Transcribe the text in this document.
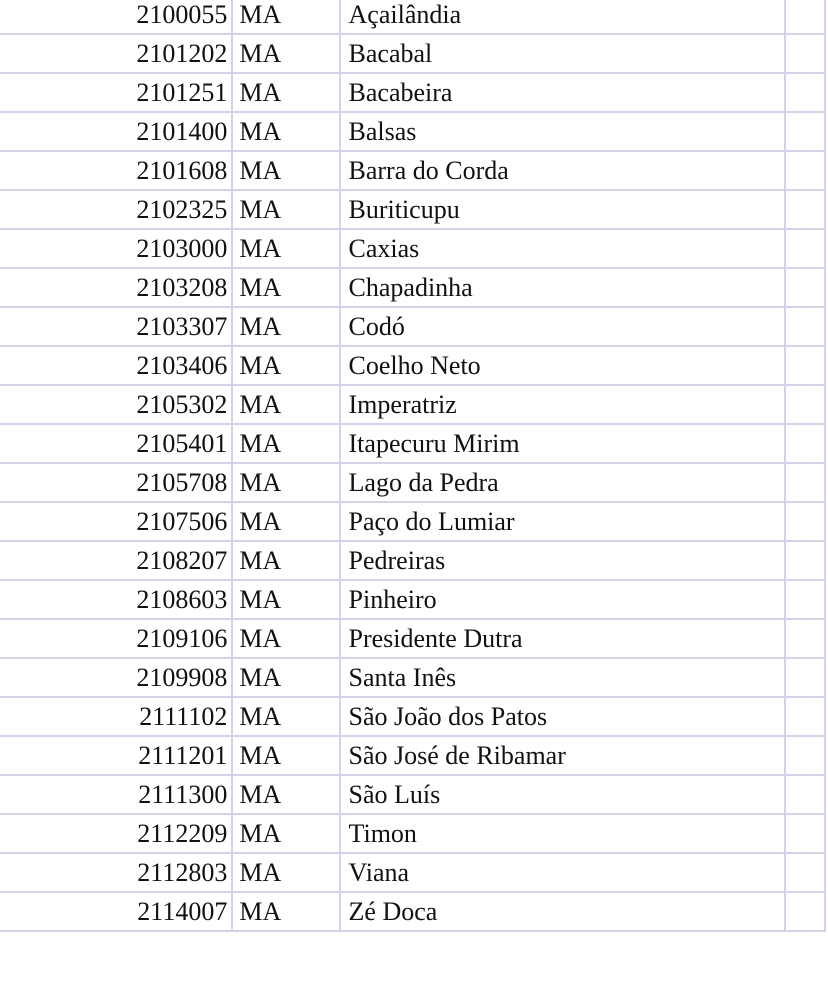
2100055	MA	Açailândia	
2101202	MA	Bacabal	
2101251	MA	Bacabeira	
2101400	MA	Balsas	
2101608	MA	Barra do Corda	
2102325	MA	Buriticupu	
2103000	MA	Caxias	
2103208	MA	Chapadinha	
2103307	MA	Codó	
2103406	MA	Coelho Neto	
2105302	MA	Imperatriz	
2105401	MA	Itapecuru Mirim	
2105708	MA	Lago da Pedra	
2107506	MA	Paço do Lumiar	
2108207	MA	Pedreiras	
2108603	MA	Pinheiro	
2109106	MA	Presidente Dutra	
2109908	MA	Santa Inês	
2111102	MA	São João dos Patos	
2111201	MA	São José de Ribamar	
2111300	MA	São Luís	
2112209	MA	Timon	
2112803	MA	Viana	
2114007	MA	Zé Doca	
